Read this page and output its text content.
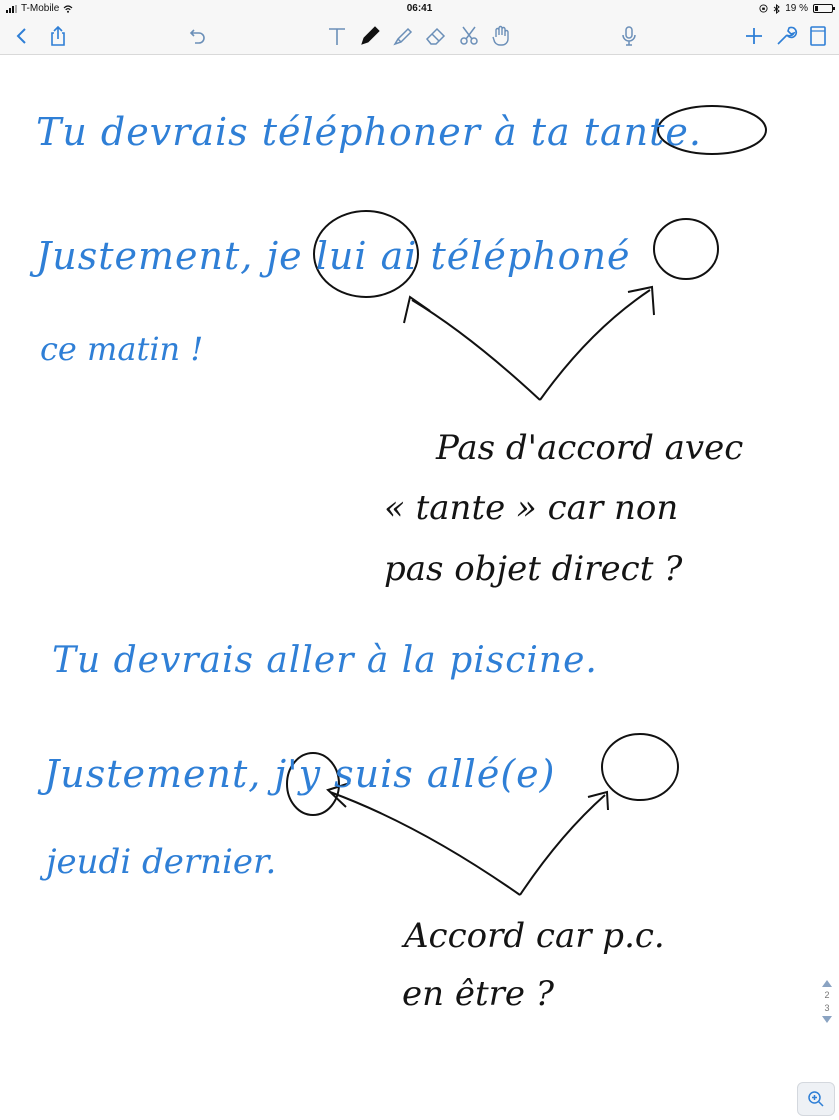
T-Mobile	06:41	19 %
Tu devrais téléphoner à ta tante.
Justement, je lui ai téléphoné
ce matin !
Pas d'accord avec
« tante » car non
pas objet direct ?
Tu devrais aller à la piscine.
Justement, j'y suis allé(e)
jeudi dernier.
Accord car p.c.
en être ?	2
3
